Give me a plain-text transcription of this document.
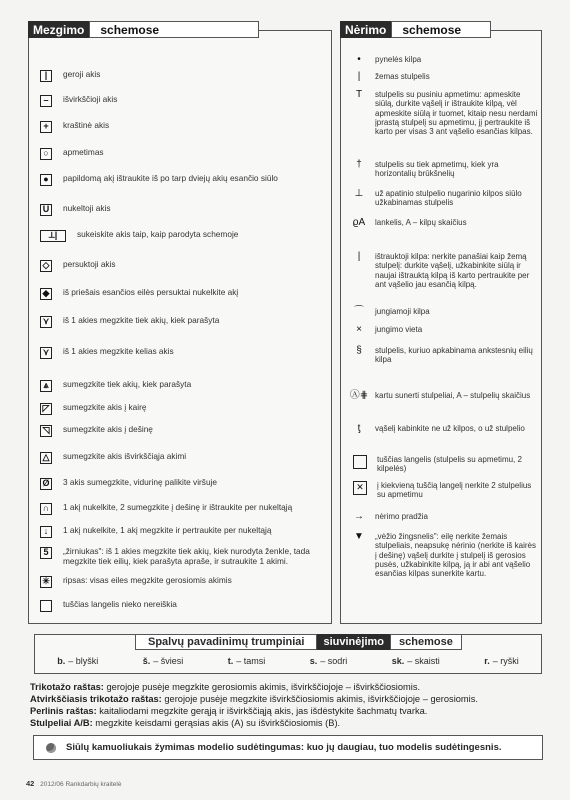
Mezgimo	schemose	Nėrimo	schemose
Spalvų pavadinimų trumpiniai	siuvinėjimo	schemose
b. – blyški	š. – šviesi	t. – tamsi	s. – sodri	sk. – skaisti	r. – ryški
Trikotažo raštas: gerojoje pusėje megzkite gerosiomis akimis, išvirkščiojoje – išvirkščiosiomis.
Atvirkščiasis trikotažo raštas: gerojoje pusėje megzkite išvirkščiosiomis akimis, išvirkščiojoje – gerosiomis.
Perlinis raštas: kaitaliodami megzkite gerąją ir išvirkščiąją akis, jas išdėstykite šachmatų tvarka.
Stulpeliai A/B: megzkite keisdami gerąsias akis (A) su išvirkščiosiomis (B).
Siūlų kamuoliukais žymimas modelio sudėtingumas: kuo jų daugiau, tuo modelis sudėtingesnis.
42 2012/06 Rankdarbių kraitelė
|	geroji akis
–	išvirkščioji akis
+	kraštinė akis
○	apmetimas
●	papildomą akį ištraukite iš po tarp dviejų akių esančio siūlo
U	nukeltoji akis
⟂|	sukeiskite akis taip, kaip parodyta schemoje
◇	persuktoji akis
◆	iš priešais esančios eilės persuktai nukelkite akį
⋎	iš 1 akies megzkite tiek akių, kiek parašyta
⋎	iš 1 akies megzkite kelias akis
⩓	sumegzkite tiek akių, kiek parašyta
◸	sumegzkite akis į kairę
◹	sumegzkite akis į dešinę
△	sumegzkite akis išvirkščiąja akimi
Ø	3 akis sumegzkite, vidurinę palikite viršuje
∩	1 akį nukelkite, 2 sumegzkite į dešinę ir ištraukite per nukeltąją
↓	1 akį nukelkite, 1 akį megzkite ir pertraukite per nukeltąją
5	„žirniukas": iš 1 akies megzkite tiek akių, kiek nurodyta ženkle, tada megzkite tiek eilių, kiek parašyta apraše, ir sutraukite 1 akimi.
✳ ripsas: visas eiles megzkite gerosiomis akimis
tuščias langelis nieko nereiškia
•	pynelės kilpa
|	žemas stulpelis
T	stulpelis su pusiniu apmetimu: apmeskite siūlą, durkite vąšelį ir ištraukite kilpą, vėl apmeskite siūlą ir tuomet, kitaip nesu nerdami įprastą stulpelį su apmetimu, jį pertraukite iš karto per visas 3 ant vąšelio esančias kilpas.
†	stulpelis su tiek apmetimų, kiek yra horizontalių brūkšnelių
⊥	už apatinio stulpelio nugarinio kilpos siūlo užkabinamas stulpelis
ϱA	lankelis, A – kilpų skaičius
|	ištrauktoji kilpa: nerkite panašiai kaip žemą stulpelį: durkite vąšelį, užkabinkite siūlą ir naujai ištrauktą kilpą iš karto pertraukite per ant vąšelio jau esančią kilpą.
⌒	jungiamoji kilpa
×	jungimo vieta
§	stulpelis, kuriuo apkabinama ankstesnių eilių kilpa
Ⓐ⋕ kartu sunerti stulpeliai, A – stulpelių skaičius
ƫ	vąšelį kabinkite ne už kilpos, o už stulpelio
tuščias langelis (stulpelis su apmetimu, 2 kilpelės)
✕	į kiekvieną tuščią langelį nerkite 2 stulpelius su apmetimu
→	nėrimo pradžia
▼	„vėžio žingsnelis": eilę nerkite žemais stulpeliais, neapsukę nėrinio (nerkite iš kairės į dešinę) vąšelį durkite į stulpelį iš gerosios pusės, užkabinkite kilpą, ją ir abi ant vąšelio esančias kilpas sunerkite kartu.
